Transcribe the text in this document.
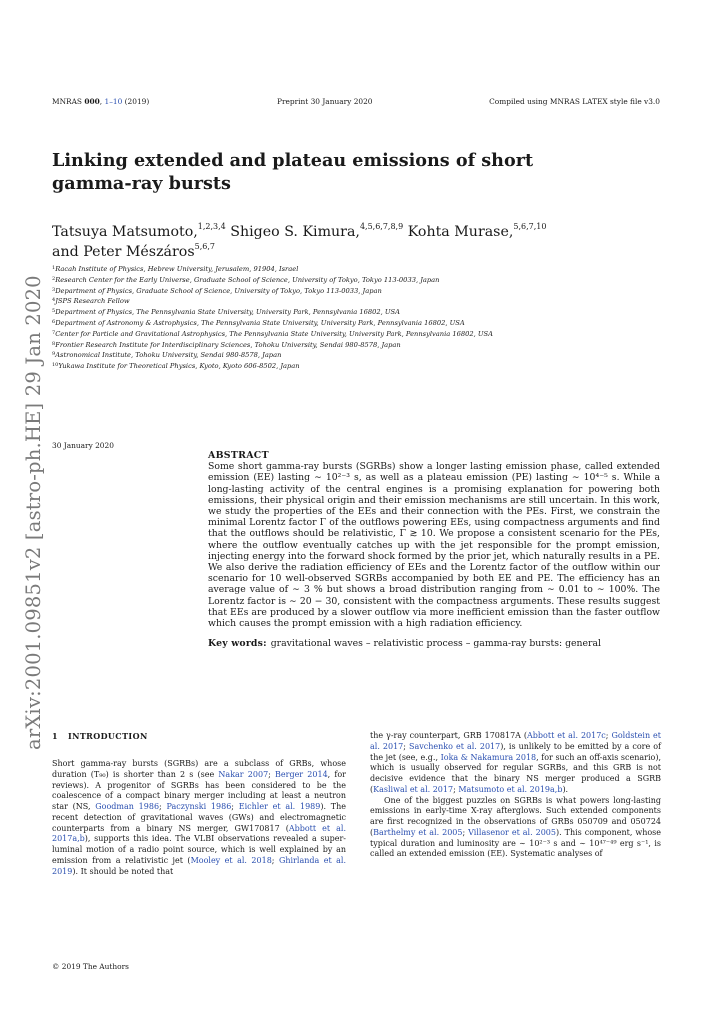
MNRAS 000, 1–10 (2019)	Preprint 30 January 2020	Compiled using MNRAS LATEX style file v3.0
Linking extended and plateau emissions of short
gamma-ray bursts
Tatsuya Matsumoto,$^{1,2,3,4}$ Shigeo S. Kimura,$^{4,5,6,7,8,9}$ Kohta Murase,$^{5,6,7,10}$
and Peter Mészáros$^{5,6,7}$
$^1$Racah Institute of Physics, Hebrew University, Jerusalem, 91904, Israel
$^2$Research Center for the Early Universe, Graduate School of Science, University of Tokyo, Tokyo 113-0033, Japan
$^3$Department of Physics, Graduate School of Science, University of Tokyo, Tokyo 113-0033, Japan
$^4$JSPS Research Fellow
$^5$Department of Physics, The Pennsylvania State University, University Park, Pennsylvania 16802, USA
$^6$Department of Astronomy & Astrophysics, The Pennsylvania State University, University Park, Pennsylvania 16802, USA
$^7$Center for Particle and Gravitational Astrophysics, The Pennsylvania State University, University Park, Pennsylvania 16802, USA
$^8$Frontier Research Institute for Interdisciplinary Sciences, Tohoku University, Sendai 980-8578, Japan
$^9$Astronomical Institute, Tohoku University, Sendai 980-8578, Japan
$^{10}$Yukawa Institute for Theoretical Physics, Kyoto, Kyoto 606-8502, Japan
30 January 2020
arXiv:2001.09851v2 [astro-ph.HE] 29 Jan 2020	ABSTRACT

Some short gamma-ray bursts (SGRBs) show a longer lasting emission phase, called extended emission (EE) lasting ∼ 10²⁻³ s, as well as a plateau emission (PE) lasting ∼ 10⁴⁻⁵ s. While a long-lasting activity of the central engines is a promising explanation for powering both emissions, their physical origin and their emission mechanisms are still uncertain. In this work, we study the properties of the EEs and their connection with the PEs. First, we constrain the minimal Lorentz factor Γ of the outflows powering EEs, using compactness arguments and find that the outflows should be relativistic, Γ ≳ 10. We propose a consistent scenario for the PEs, where the outflow eventually catches up with the jet responsible for the prompt emission, injecting energy into the forward shock formed by the prior jet, which naturally results in a PE. We also derive the radiation efficiency of EEs and the Lorentz factor of the outflow within our scenario for 10 well-observed SGRBs accompanied by both EE and PE. The efficiency has an average value of ∼ 3 % but shows a broad distribution ranging from ∼ 0.01 to ∼ 100%. The Lorentz factor is ∼ 20 − 30, consistent with the compactness arguments. These results suggest that EEs are produced by a slower outflow via more inefficient emission than the faster outflow which causes the prompt emission with a high radiation efficiency.

Key words: gravitational waves – relativistic process – gamma-ray bursts: general
1 INTRODUCTION

Short gamma-ray bursts (SGRBs) are a subclass of GRBs, whose duration (T₉₀) is shorter than 2 s (see Nakar 2007; Berger 2014, for reviews). A progenitor of SGRBs has been considered to be the coalescence of a compact binary merger including at least a neutron star (NS, Goodman 1986; Paczynski 1986; Eichler et al. 1989). The recent detection of gravitational waves (GWs) and electromagnetic counterparts from a binary NS merger, GW170817 (Abbott et al. 2017a,b), supports this idea. The VLBI observations revealed a super-luminal motion of a radio point source, which is well explained by an emission from a relativistic jet (Mooley et al. 2018; Ghirlanda et al. 2019). It should be noted that

the γ-ray counterpart, GRB 170817A (Abbott et al. 2017c; Goldstein et al. 2017; Savchenko et al. 2017), is unlikely to be emitted by a core of the jet (see, e.g., Ioka & Nakamura 2018, for such an off-axis scenario), which is usually observed for regular SGRBs, and this GRB is not decisive evidence that the binary NS merger produced a SGRB (Kasliwal et al. 2017; Matsumoto et al. 2019a,b).

One of the biggest puzzles on SGRBs is what powers long-lasting emissions in early-time X-ray afterglows. Such extended components are first recognized in the observations of GRBs 050709 and 050724 (Barthelmy et al. 2005; Villasenor et al. 2005). This component, whose typical duration and luminosity are ∼ 10²⁻³ s and ∼ 10⁴⁷⁻⁴⁹ erg s⁻¹, is called an extended emission (EE). Systematic analyses of

© 2019 The Authors
